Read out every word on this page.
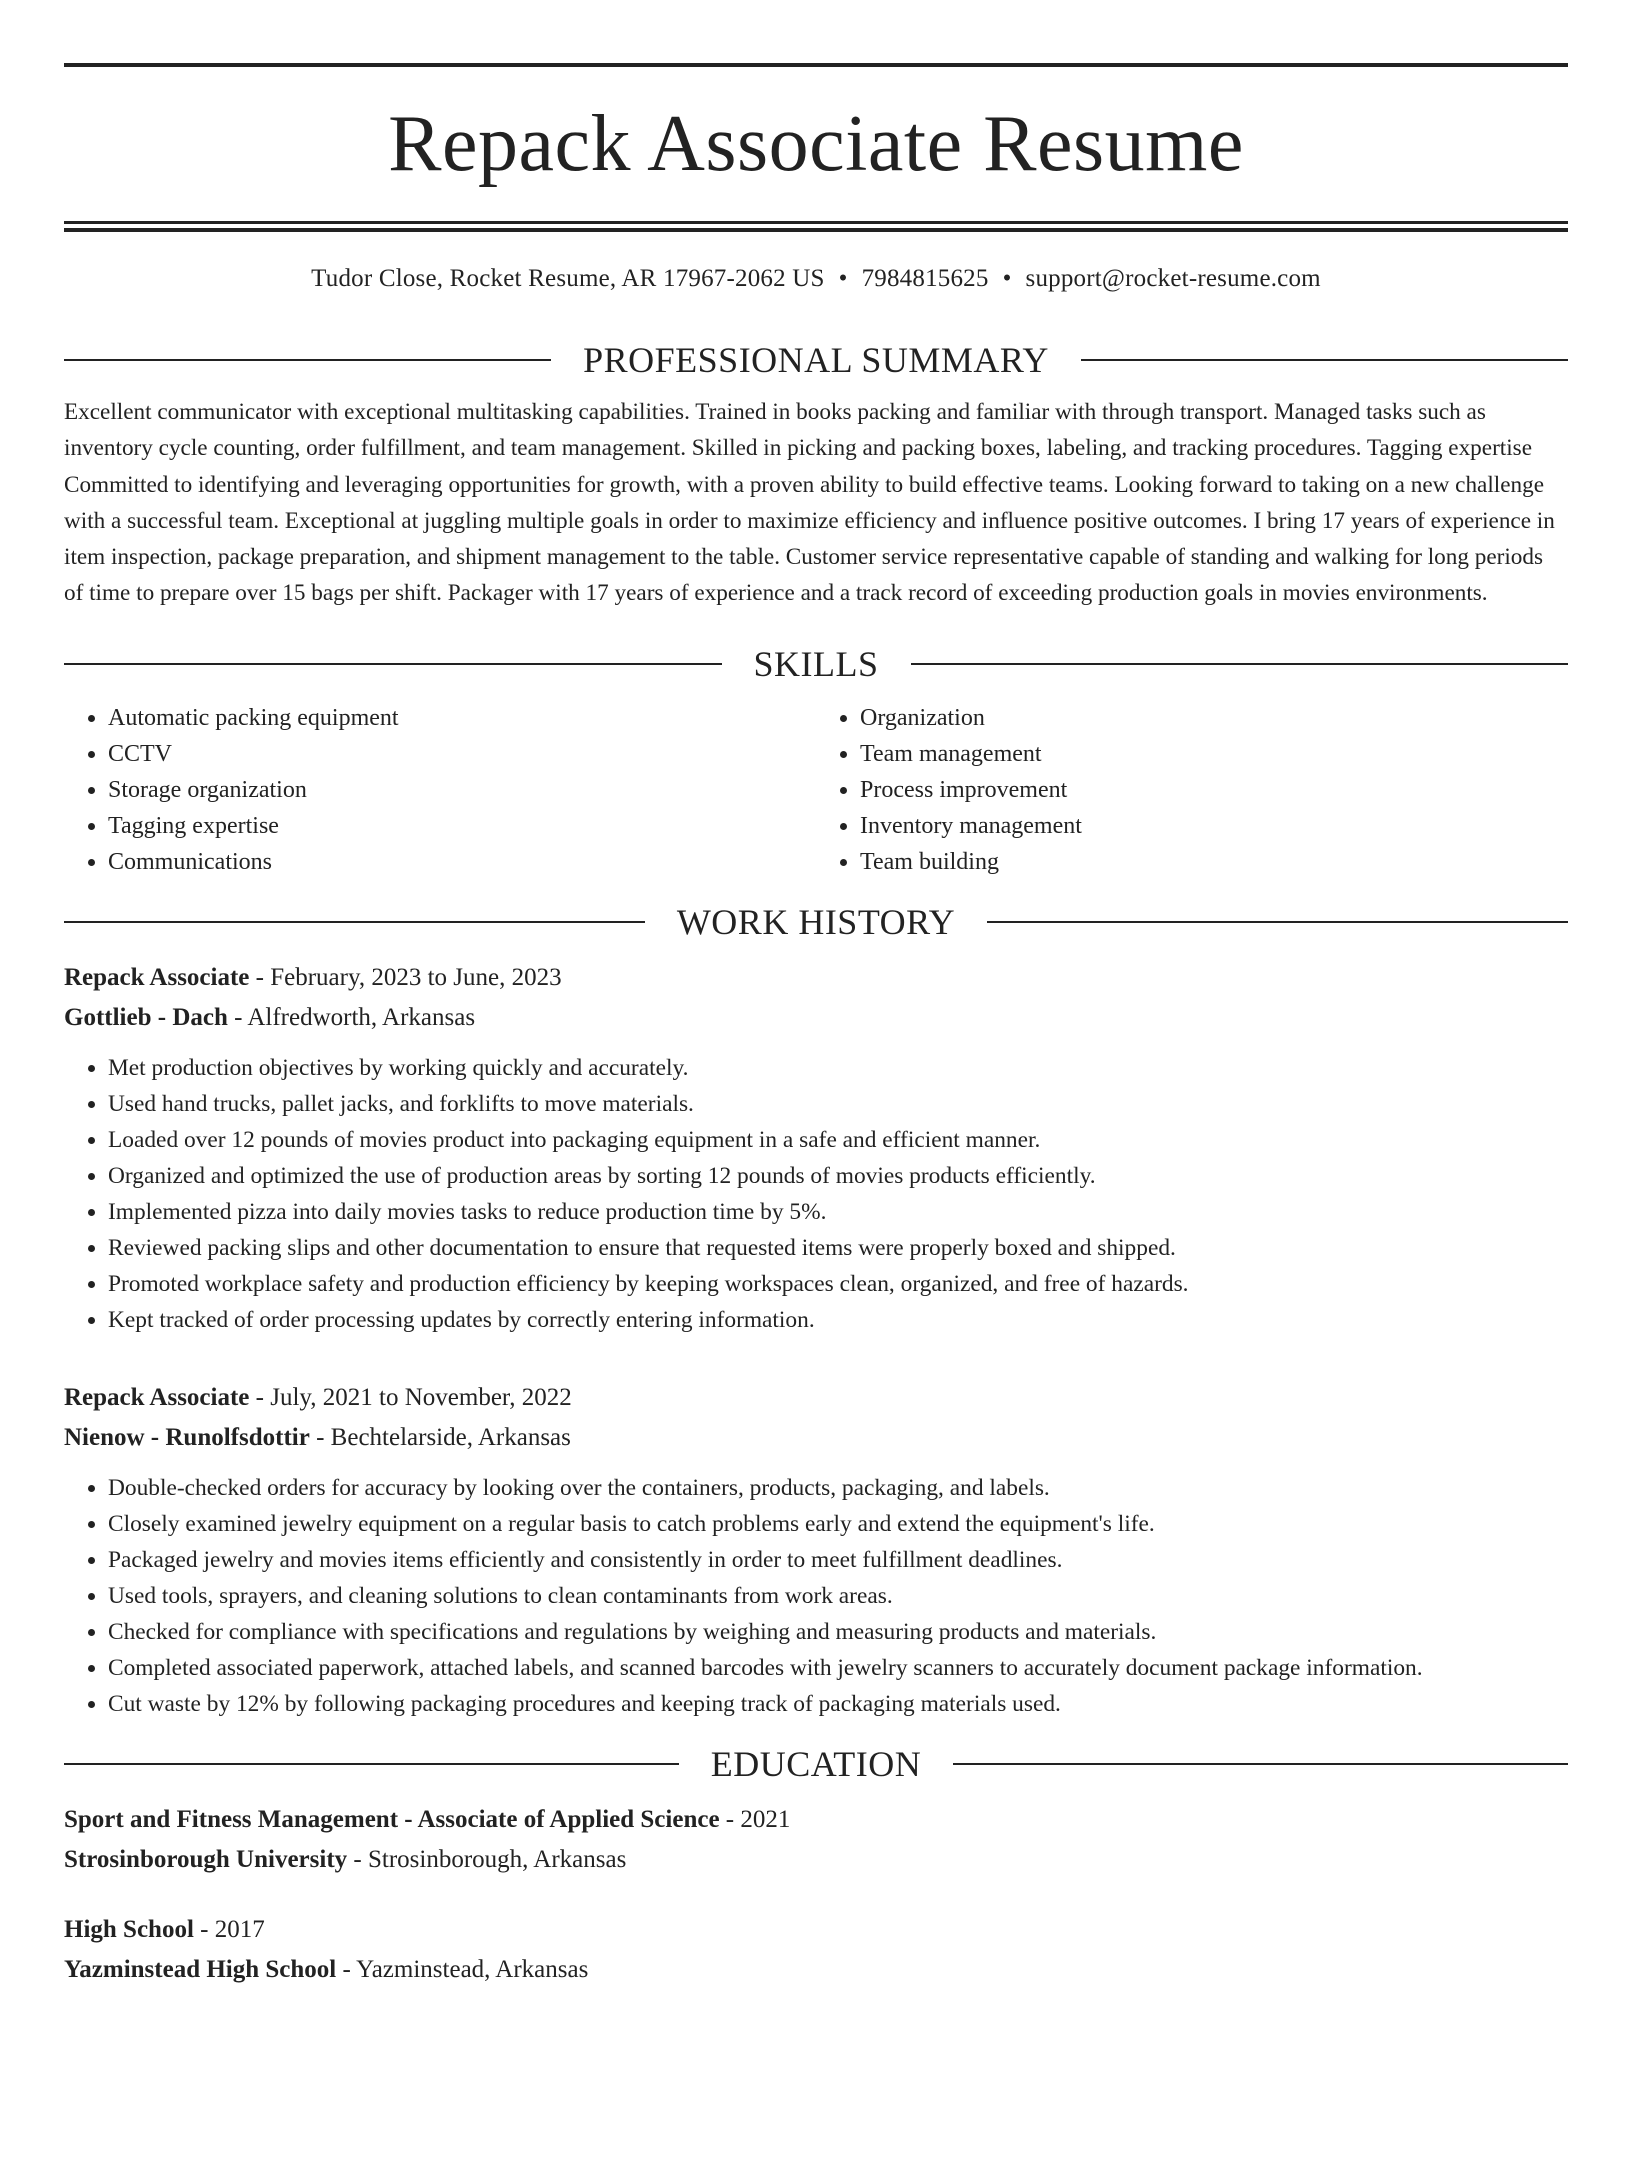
Repack Associate Resume
Tudor Close, Rocket Resume, AR 17967-2062 US • 7984815625 • support@rocket-resume.com
PROFESSIONAL SUMMARY

Excellent communicator with exceptional multitasking capabilities. Trained in books packing and familiar with through transport. Managed tasks such as inventory cycle counting, order fulfillment, and team management. Skilled in picking and packing boxes, labeling, and tracking procedures. Tagging expertise Committed to identifying and leveraging opportunities for growth, with a proven ability to build effective teams. Looking forward to taking on a new challenge with a successful team. Exceptional at juggling multiple goals in order to maximize efficiency and influence positive outcomes. I bring 17 years of experience in item inspection, package preparation, and shipment management to the table. Customer service representative capable of standing and walking for long periods of time to prepare over 15 bags per shift. Packager with 17 years of experience and a track record of exceeding production goals in movies environments.

SKILLS
• Automatic packing equipment
• CCTV
• Storage organization
• Tagging expertise
• Communications
• Organization
• Team management
• Process improvement
• Inventory management
• Team building
WORK HISTORY
Repack Associate - February, 2023 to June, 2023
Gottlieb - Dach - Alfredworth, Arkansas
• Met production objectives by working quickly and accurately.
• Used hand trucks, pallet jacks, and forklifts to move materials.
• Loaded over 12 pounds of movies product into packaging equipment in a safe and efficient manner.
• Organized and optimized the use of production areas by sorting 12 pounds of movies products efficiently.
• Implemented pizza into daily movies tasks to reduce production time by 5%.
• Reviewed packing slips and other documentation to ensure that requested items were properly boxed and shipped.
• Promoted workplace safety and production efficiency by keeping workspaces clean, organized, and free of hazards.
• Kept tracked of order processing updates by correctly entering information.
Repack Associate - July, 2021 to November, 2022
Nienow - Runolfsdottir - Bechtelarside, Arkansas
• Double-checked orders for accuracy by looking over the containers, products, packaging, and labels.
• Closely examined jewelry equipment on a regular basis to catch problems early and extend the equipment's life.
• Packaged jewelry and movies items efficiently and consistently in order to meet fulfillment deadlines.
• Used tools, sprayers, and cleaning solutions to clean contaminants from work areas.
• Checked for compliance with specifications and regulations by weighing and measuring products and materials.
• Completed associated paperwork, attached labels, and scanned barcodes with jewelry scanners to accurately document package information.
• Cut waste by 12% by following packaging procedures and keeping track of packaging materials used.
EDUCATION
Sport and Fitness Management - Associate of Applied Science - 2021
Strosinborough University - Strosinborough, Arkansas
High School - 2017
Yazminstead High School - Yazminstead, Arkansas
